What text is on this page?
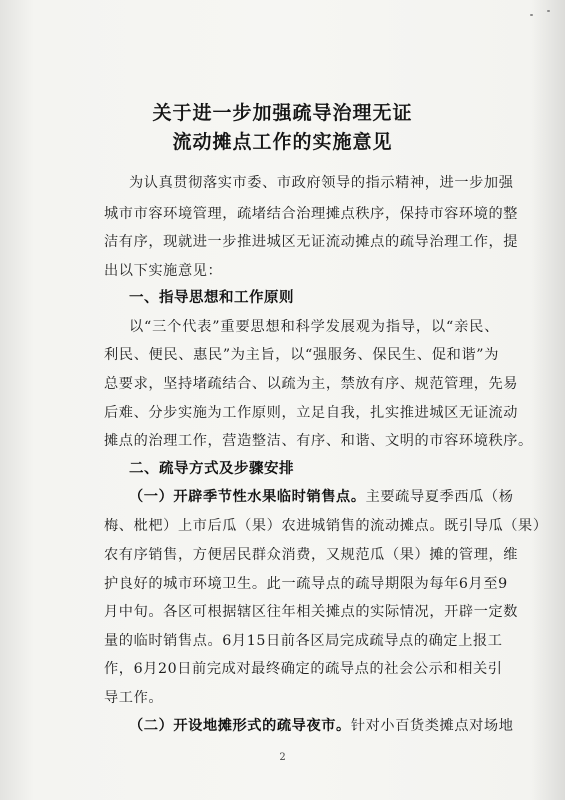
关于进一步加强疏导治理无证
流动摊点工作的实施意见
为认真贯彻落实市委、市政府领导的指示精神，进一步加强
城市市容环境管理，疏堵结合治理摊点秩序，保持市容环境的整
洁有序，现就进一步推进城区无证流动摊点的疏导治理工作，提
出以下实施意见：
一、指导思想和工作原则
以“三个代表”重要思想和科学发展观为指导，以“亲民、
利民、便民、惠民”为主旨，以“强服务、保民生、促和谐”为
总要求，坚持堵疏结合、以疏为主，禁放有序、规范管理，先易
后难、分步实施为工作原则，立足自我，扎实推进城区无证流动
摊点的治理工作，营造整洁、有序、和谐、文明的市容环境秩序。
二、疏导方式及步骤安排
（一）开辟季节性水果临时销售点。主要疏导夏季西瓜（杨
梅、枇杷）上市后瓜（果）农进城销售的流动摊点。既引导瓜（果）
农有序销售，方便居民群众消费，又规范瓜（果）摊的管理，维
护良好的城市环境卫生。此一疏导点的疏导期限为每年6月至9
月中旬。各区可根据辖区往年相关摊点的实际情况，开辟一定数
量的临时销售点。6月15日前各区局完成疏导点的确定上报工
作，6月20日前完成对最终确定的疏导点的社会公示和相关引
导工作。
（二）开设地摊形式的疏导夜市。针对小百货类摊点对场地
2
